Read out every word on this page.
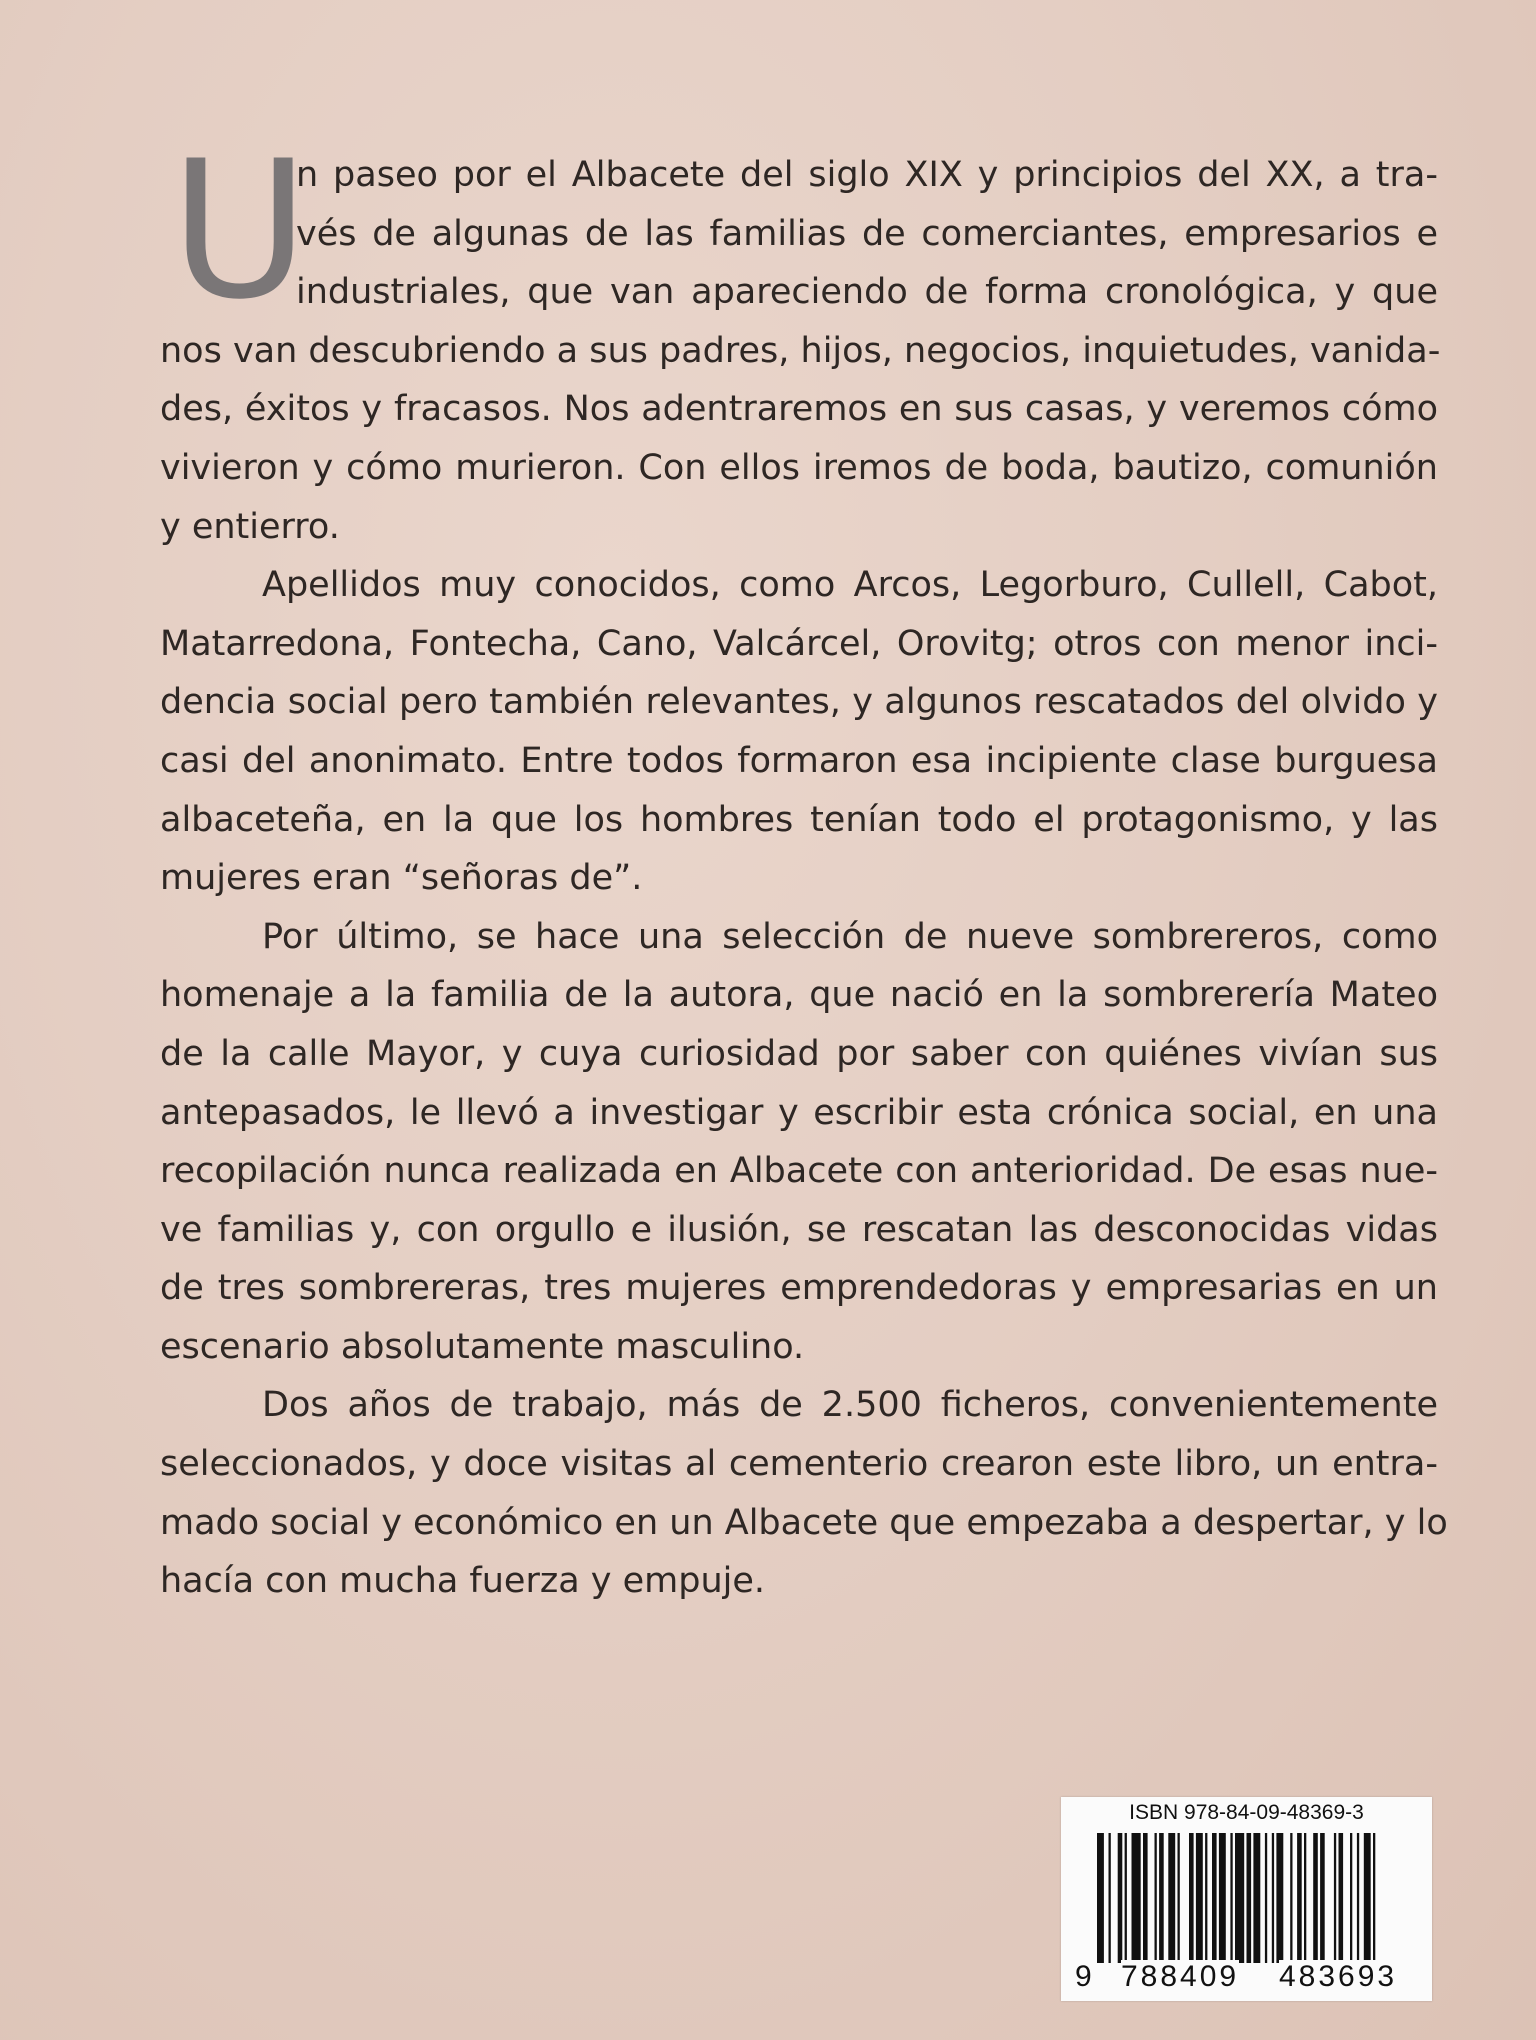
U
n paseo por el Albacete del siglo XIX y principios del XX, a tra-
vés de algunas de las familias de comerciantes, empresarios e
industriales, que van apareciendo de forma cronológica, y que
nos van descubriendo a sus padres, hijos, negocios, inquietudes, vanida-
des, éxitos y fracasos. Nos adentraremos en sus casas, y veremos cómo
vivieron y cómo murieron. Con ellos iremos de boda, bautizo, comunión
y entierro.
Apellidos muy conocidos, como Arcos, Legorburo, Cullell, Cabot,
Matarredona, Fontecha, Cano, Valcárcel, Orovitg; otros con menor inci-
dencia social pero también relevantes, y algunos rescatados del olvido y
casi del anonimato. Entre todos formaron esa incipiente clase burguesa
albaceteña, en la que los hombres tenían todo el protagonismo, y las
mujeres eran “señoras de”.
Por último, se hace una selección de nueve sombrereros, como
homenaje a la familia de la autora, que nació en la sombrerería Mateo
de la calle Mayor, y cuya curiosidad por saber con quiénes vivían sus
antepasados, le llevó a investigar y escribir esta crónica social, en una
recopilación nunca realizada en Albacete con anterioridad. De esas nue-
ve familias y, con orgullo e ilusión, se rescatan las desconocidas vidas
de tres sombrereras, tres mujeres emprendedoras y empresarias en un
escenario absolutamente masculino.
Dos años de trabajo, más de 2.500 ficheros, convenientemente
seleccionados, y doce visitas al cementerio crearon este libro, un entra-
mado social y económico en un Albacete que empezaba a despertar, y lo
hacía con mucha fuerza y empuje.
ISBN 978-84-09-48369-3
9 788409 483693
